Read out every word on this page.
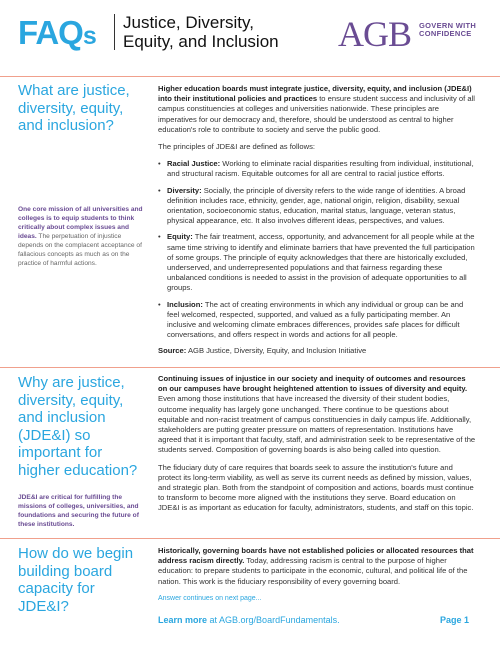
FAQs Justice, Diversity,
Equity, and Inclusion AGB GOVERN WITH
CONFIDENCE
What are justice, diversity, equity, and inclusion?
One core mission of all universities and colleges is to equip students to think critically about complex issues and ideas. The perpetuation of injustice depends on the complacent acceptance of fallacious concepts as much as on the practice of harmful actions.

Higher education boards must integrate justice, diversity, equity, and inclusion (JDE&I) into their institutional policies and practices to ensure student success and inclusivity of all campus constituencies at colleges and universities nationwide. These principles are imperatives for our democracy and, therefore, should be understood as central to higher education's role to contribute to society and serve the public good.

The principles of JDE&I are defined as follows:

• Racial Justice: Working to eliminate racial disparities resulting from individual, institutional, and structural racism. Equitable outcomes for all are central to racial justice efforts.
• Diversity: Socially, the principle of diversity refers to the wide range of identities. A broad definition includes race, ethnicity, gender, age, national origin, religion, disability, sexual orientation, socioeconomic status, education, marital status, language, veteran status, physical appearance, etc. It also involves different ideas, perspectives, and values.
• Equity: The fair treatment, access, opportunity, and advancement for all people while at the same time striving to identify and eliminate barriers that have prevented the full participation of some groups. The principle of equity acknowledges that there are historically excluded, underserved, and underrepresented populations and that fairness regarding these unbalanced conditions is needed to assist in the provision of adequate opportunities to all groups.
• Inclusion: The act of creating environments in which any individual or group can be and feel welcomed, respected, supported, and valued as a fully participating member. An inclusive and welcoming climate embraces differences, provides safe places for difficult conversations, and offers respect in words and actions for all people.

Source: AGB Justice, Diversity, Equity, and Inclusion Initiative

Why are justice, diversity, equity, and inclusion (JDE&I) so important for higher education?
JDE&I are critical for fulfilling the missions of colleges, universities, and foundations and securing the future of these institutions.

Continuing issues of injustice in our society and inequity of outcomes and resources on our campuses have brought heightened attention to issues of diversity and equity. Even among those institutions that have increased the diversity of their student bodies, outcome inequality has largely gone unchanged. There continue to be questions about equitable and non-racist treatment of campus constituencies in daily campus life. Additionally, stakeholders are putting greater pressure on matters of representation. Institutions have agreed that it is important that faculty, staff, and administration seek to be representative of the students served. Composition of governing boards is also being called into question.

The fiduciary duty of care requires that boards seek to assure the institution's future and protect its long-term viability, as well as serve its current needs as defined by mission, values, and strategic plan. Both from the standpoint of composition and actions, boards must continue to transform to become more aligned with the institutions they serve. Board education on JDE&I is as important as education for faculty, administrators, students, and staff on this topic.

How do we begin building board capacity for JDE&I?

Historically, governing boards have not established policies or allocated resources that address racism directly. Today, addressing racism is central to the purpose of higher education: to prepare students to participate in the economic, cultural, and political life of the nation. This work is the fiduciary responsibility of every governing board.

Answer continues on next page...

Learn more at AGB.org/BoardFundamentals.	Page 1
